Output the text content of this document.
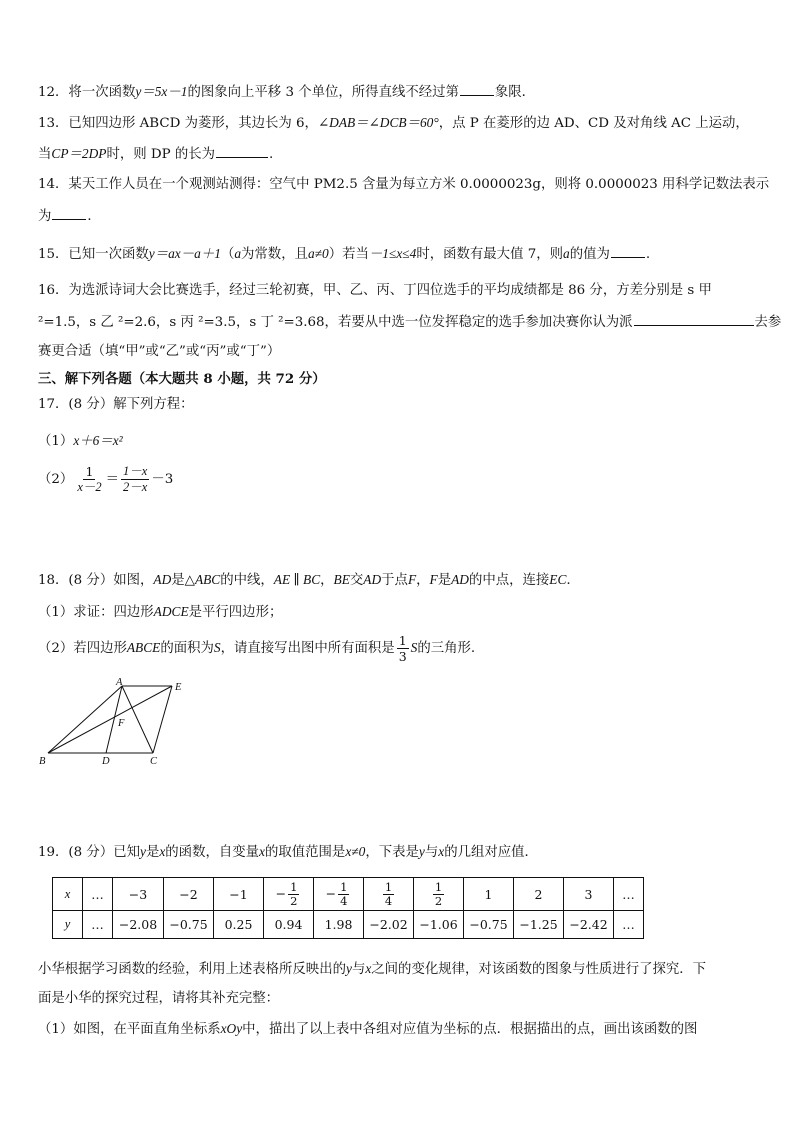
12．将一次函数y＝5x－1的图象向上平移 3 个单位，所得直线不经过第	象限．
13．已知四边形 ABCD 为菱形，其边长为 6，∠DAB＝∠DCB＝60°，点 P 在菱形的边 AD、CD 及对角线 AC 上运动，
当CP＝2DP时，则 DP 的长为	.
14．某天工作人员在一个观测站测得：空气中 PM2.5 含量为每立方米 0.0000023g，则将 0.0000023 用科学记数法表示
为	．
15．已知一次函数y＝ax－a＋1（a为常数，且a≠0）若当－1≤x≤4时，函数有最大值 7，则a的值为	.
16．为选派诗词大会比赛选手，经过三轮初赛，甲、乙、丙、丁四位选手的平均成绩都是 86 分，方差分别是 s 甲
²=1.5，s 乙 ²=2.6，s 丙 ²=3.5，s 丁 ²=3.68，若要从中选一位发挥稳定的选手参加决赛你认为派	去参
赛更合适（填“甲”或“乙”或“丙”或“丁”）
三、解下列各题（本大题共 8 小题，共 72 分）
17．(8 分）解下列方程：
（1）x＋6＝x²
$(2) \frac{1}{x-2} = \frac{1-x}{2-x} -3$
18．(8 分）如图，AD是△ABC的中线，AE ∥ BC，BE交AD于点F，F是AD的中点，连接EC.
（1）求证：四边形ADCE是平行四边形；
（2）若四边形ABCE的面积为S，请直接写出图中所有面积是 $\frac{1}{3}$ S的三角形.
A	E
F
B	D	C
19．(8 分）已知y是x的函数，自变量x的取值范围是x≠0，下表是y与x的几组对应值．
x	…	−3	−2	−1	− $\frac{1}{2}$	− $\frac{1}{4}$	$\frac{1}{4}$	$\frac{1}{2}$	1	2	3	…
y	…	−2.08	−0.75	0.25	0.94	1.98	−2.02	−1.06	−0.75	−1.25	−2.42	…
小华根据学习函数的经验，利用上述表格所反映出的y与x之间的变化规律，对该函数的图象与性质进行了探究．下
面是小华的探究过程，请将其补充完整：
（1）如图，在平面直角坐标系xOy中，描出了以上表中各组对应值为坐标的点．根据描出的点，画出该函数的图
